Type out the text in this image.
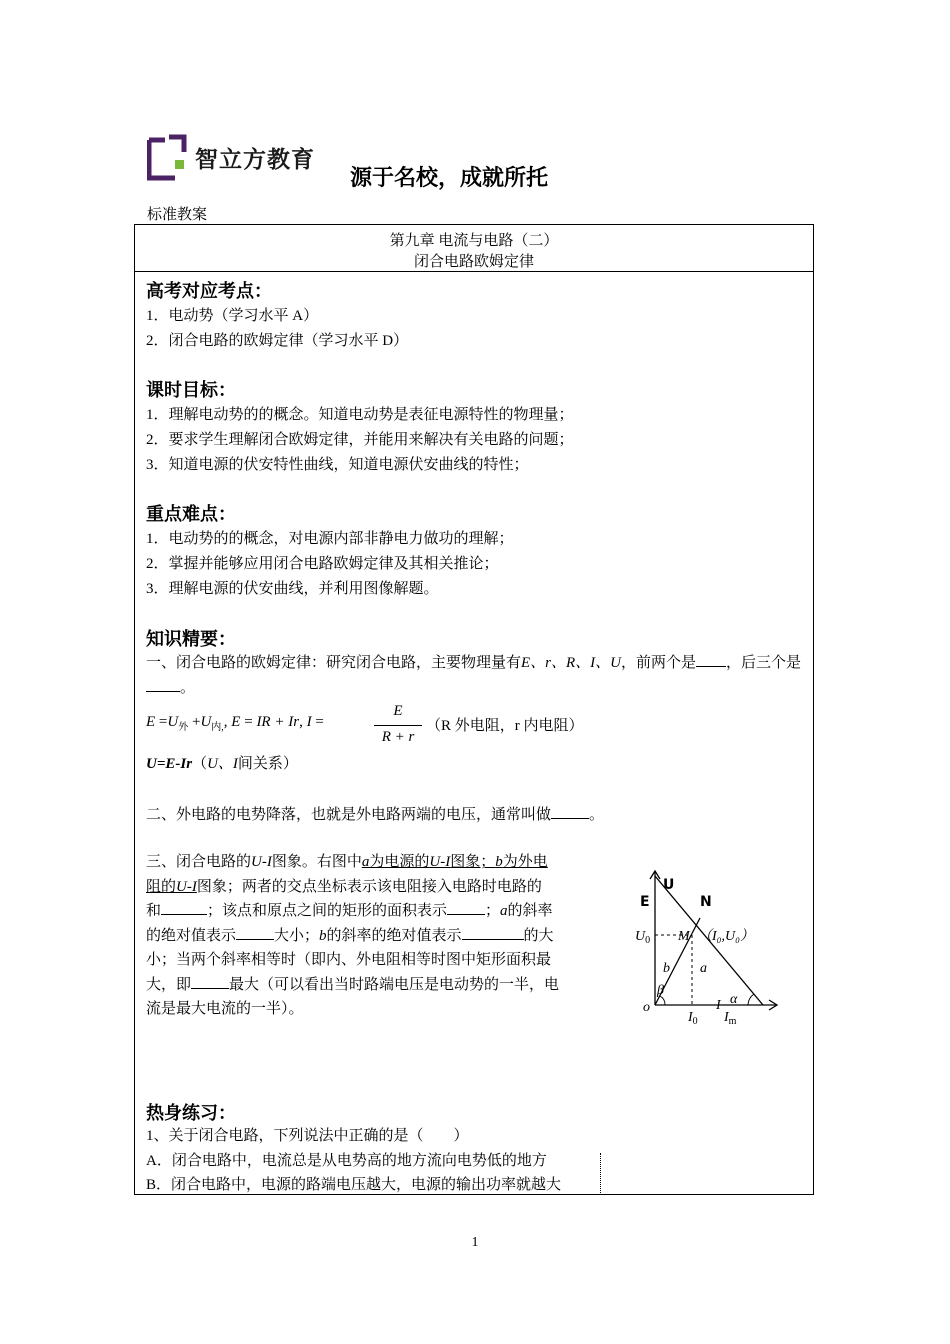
智立方教育
源于名校，成就所托
标准教案
第九章 电流与电路（二）
闭合电路欧姆定律
高考对应考点：
1．电动势（学习水平 A）
2．闭合电路的欧姆定律（学习水平 D）
课时目标：
1．理解电动势的的概念。知道电动势是表征电源特性的物理量；
2．要求学生理解闭合欧姆定律，并能用来解决有关电路的问题；
3．知道电源的伏安特性曲线，知道电源伏安曲线的特性；
重点难点：
1．电动势的的概念，对电源内部非静电力做功的理解；
2．掌握并能够应用闭合电路欧姆定律及其相关推论；
3．理解电源的伏安曲线，并利用图像解题。
知识精要：
一、闭合电路的欧姆定律：研究闭合电路，主要物理量有E、r、R、I、U，前两个是 ，后三个是。
$E =U_外 +U_{内,}$, E = IR + Ir, I =
E
R + r
（R 外电阻，r 内电阻）
U=E-Ir（U、I间关系）
二、外电路的电势降落，也就是外电路两端的电压，通常叫做	。
三、闭合电路的U-I图象。右图中a为电源的U-I图象；b为外电
阻的U-I图象；两者的交点坐标表示该电阻接入电路时电路的
和	；该点和原点之间的矩形的面积表示	；a的斜率
的绝对值表示	大小；b的斜率的绝对值表示	的大
小；当两个斜率相等时（即内、外电阻相等时图中矩形面积最
大，即	最大（可以看出当时路端电压是电动势的一半，电
流是最大电流的一半）。
U
E	N
$U_0$ M （I₀,U₀）
b a
β
α
o	I
$I_0$ $I_m$
热身练习：
1、关于闭合电路，下列说法中正确的是（　　）
A．闭合电路中，电流总是从电势高的地方流向电势低的地方
B．闭合电路中，电源的路端电压越大，电源的输出功率就越大
1
